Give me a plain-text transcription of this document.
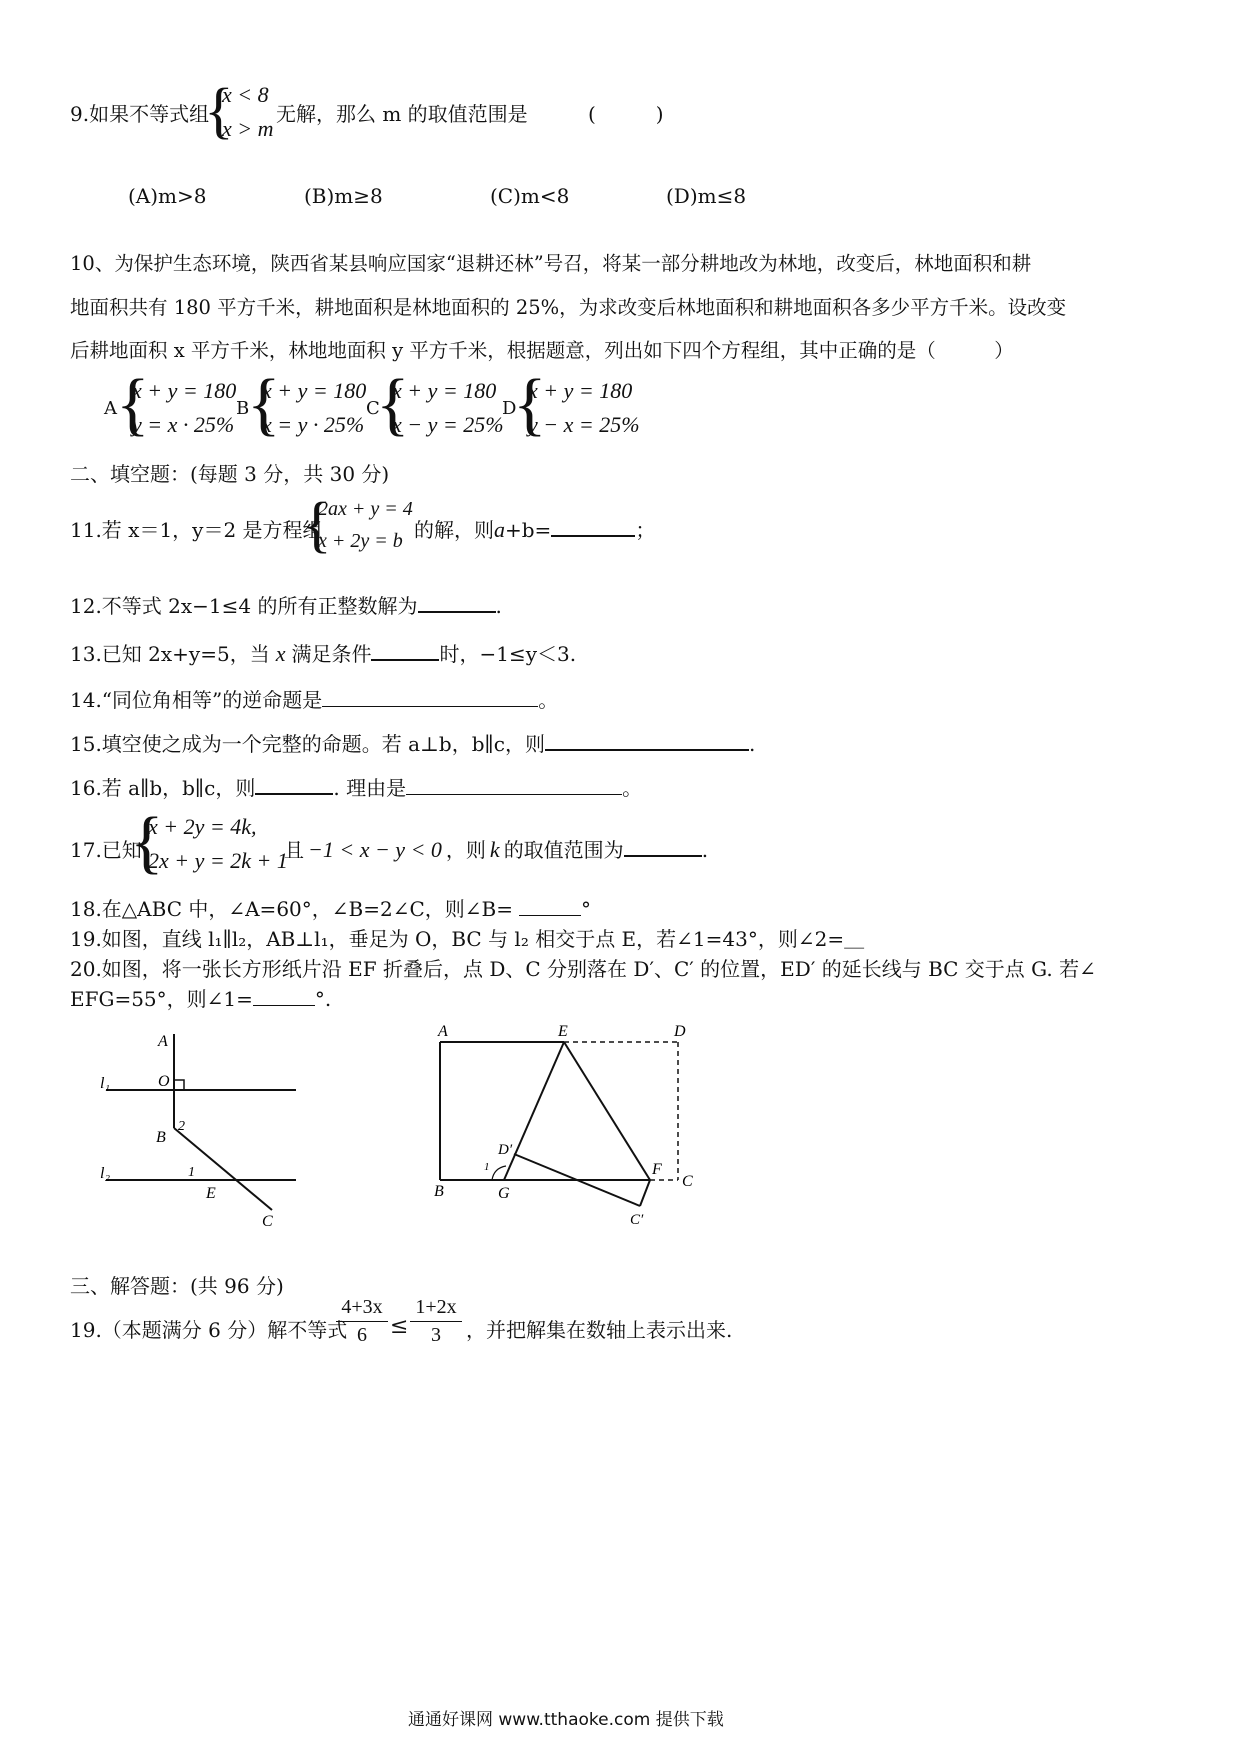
9.如果不等式组
{
x < 8
x > m
无解，那么 m 的取值范围是	(　　　)
(A)m>8	(B)m≥8	(C)m<8	(D)m≤8
10、为保护生态环境，陕西省某县响应国家“退耕还林”号召，将某一部分耕地改为林地，改变后，林地面积和耕
地面积共有 180 平方千米，耕地面积是林地面积的 25%，为求改变后林地面积和耕地面积各多少平方千米。设改变
后耕地面积 x 平方千米，林地地面积 y 平方千米，根据题意，列出如下四个方程组，其中正确的是（　　　）
A {
x + y = 180
y = x · 25%
B
{
x + y = 180
x = y · 25%
C
{
x + y = 180
x − y = 25%
D
{
x + y = 180
y − x = 25%
二、填空题：(每题 3 分，共 30 分)
11.若 x＝1，y＝2 是方程组
{
2ax + y = 4
x + 2y = b 的解，则a+b=	；
12.不等式 2x−1≤4 的所有正整数解为	.
13.已知 2x+y=5，当 x 满足条件	时，−1≤y＜3.
14.“同位角相等”的逆命题是	。
15.填空使之成为一个完整的命题。若 a⊥b，b∥c，则	.
16.若 a∥b，b∥c，则	. 理由是	。
17.已知
{
x + 2y = 4k,
2x + y = 2k + 1
且 −1 < x − y < 0 ，则 k 的取值范围为	.
18.在△ABC 中，∠A=60°，∠B=2∠C，则∠B=	°
19.如图，直线 l₁∥l₂，AB⊥l₁，垂足为 O，BC 与 l₂ 相交于点 E，若∠1=43°，则∠2=＿
20.如图，将一张长方形纸片沿 EF 折叠后，点 D、C 分别落在 D′、C′ 的位置，ED′ 的延长线与 BC 交于点 G. 若∠
EFG=55°，则∠1=	°.
A
O
l₁
2
B
l₂	1
E
C
A	E	D
D′
F
C
B	G
C′
1
三、解答题：(共 96 分)
19.（本题满分 6 分）解不等式
$\frac{4+3x}{6} \le \frac{1+2x}{3}$ ，并把解集在数轴上表示出来.
通通好课网 www.tthaoke.com 提供下载
